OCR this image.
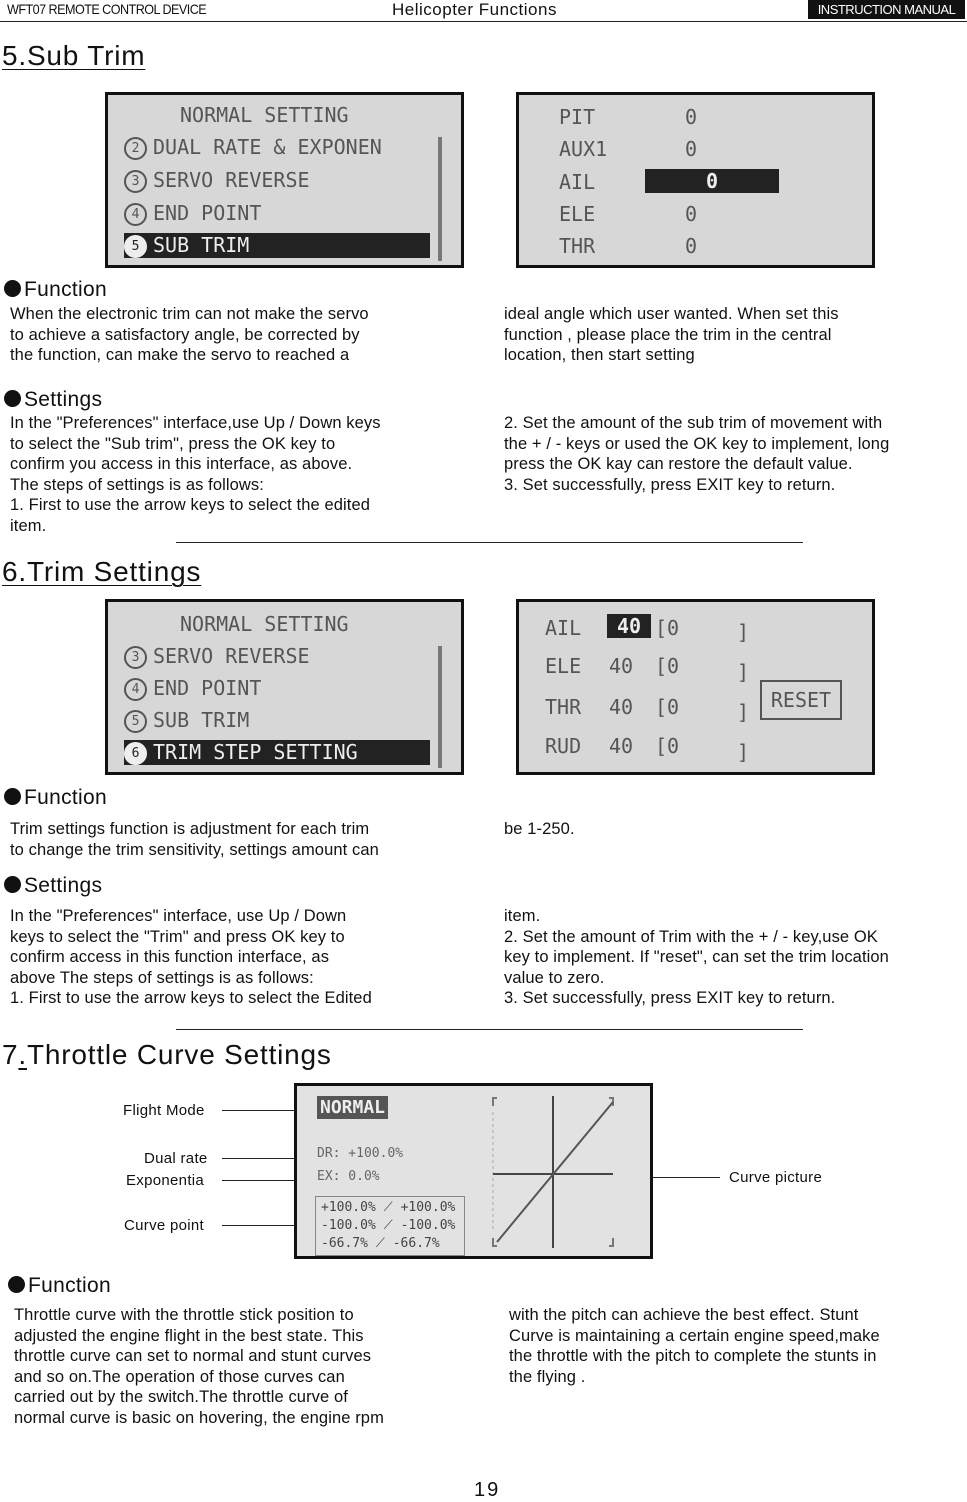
WFT07 REMOTE CONTROL DEVICE	Helicopter Functions	INSTRUCTION MANUAL
5.Sub Trim
NORMAL SETTING
2 DUAL RATE & EXPONEN
3 SERVO REVERSE
4 END POINT
5 SUB TRIM
PIT	0
AUX1	0
AIL	0
ELE	0
THR	0
Function
When the electronic trim can not make the servo
to achieve a satisfactory angle, be corrected by
the function, can make the servo to reached a
ideal angle which user wanted. When set this
function , please place the trim in the central
location, then start setting
Settings
In the "Preferences" interface,use Up / Down keys
to select the "Sub trim", press the OK key to
confirm you access in this interface, as above.
The steps of settings is as follows:
1. First to use the arrow keys to select the edited
item.
2. Set the amount of the sub trim of movement with
the + / - keys or used the OK key to implement, long
press the OK kay can restore the default value.
3. Set successfully, press EXIT key to return.
6.Trim Settings
NORMAL SETTING
3 SERVO REVERSE
4 END POINT
5 SUB TRIM
6 TRIM STEP SETTING
AIL	40 [0	]
ELE 40 [0	]
THR 40 [0	]
RUD 40 [0	]
RESET
Function
Trim settings function is adjustment for each trim
to change the trim sensitivity, settings amount can
be 1-250.
Settings
In the "Preferences" interface, use Up / Down
keys to select the "Trim" and press OK key to
confirm access in this function interface, as
above The steps of settings is as follows:
1. First to use the arrow keys to select the Edited
item.
2. Set the amount of Trim with the + / - key,use OK
key to implement. If "reset", can set the trim location
value to zero.
3. Set successfully, press EXIT key to return.
7.Throttle Curve Settings
Flight Mode
Dual rate
Exponentia
Curve point
Curve picture
NORMAL
DR: +100.0%
EX: 0.0%
+100.0% ⟋ +100.0%
-100.0% ⟋ -100.0%
-66.7% ⟋ -66.7%
Function
Throttle curve with the throttle stick position to
adjusted the engine flight in the best state. This
throttle curve can set to normal and stunt curves
and so on.The operation of those curves can
carried out by the switch.The throttle curve of
normal curve is basic on hovering, the engine rpm
with the pitch can achieve the best effect. Stunt
Curve is maintaining a certain engine speed,make
the throttle with the pitch to complete the stunts in
the flying .
19
